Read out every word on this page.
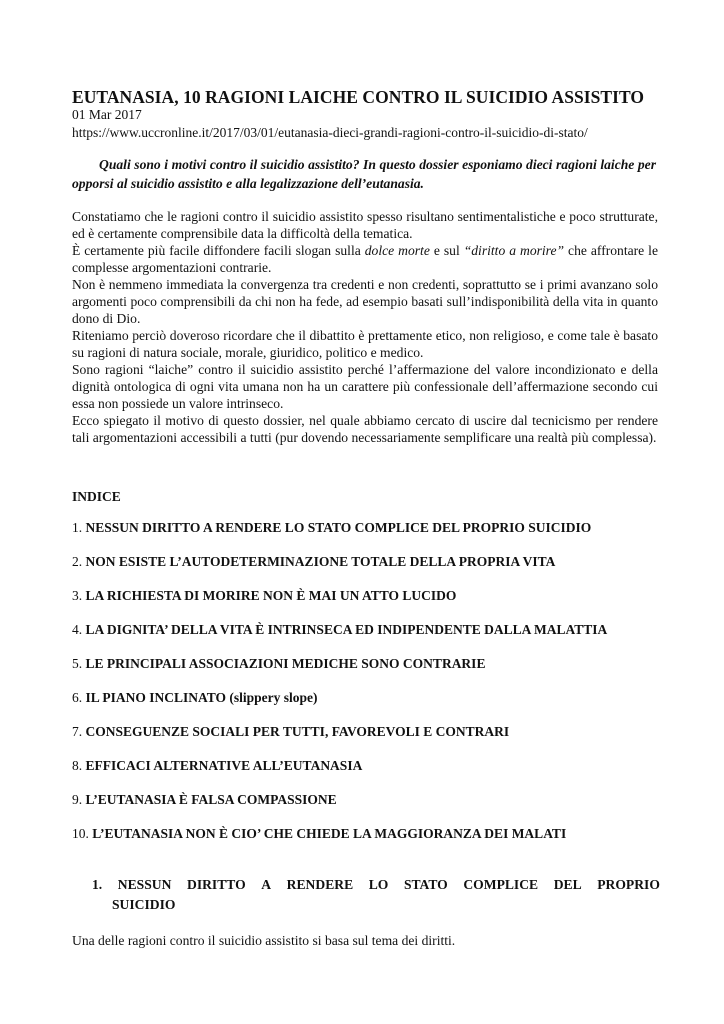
EUTANASIA, 10 RAGIONI LAICHE CONTRO IL SUICIDIO ASSISTITO
01 Mar 2017
https://www.uccronline.it/2017/03/01/eutanasia-dieci-grandi-ragioni-contro-il-suicidio-di-stato/
Quali sono i motivi contro il suicidio assistito? In questo dossier esponiamo dieci ragioni laiche per opporsi al suicidio assistito e alla legalizzazione dell’eutanasia.

Constatiamo che le ragioni contro il suicidio assistito spesso risultano sentimentalistiche e poco strutturate, ed è certamente comprensibile data la difficoltà della tematica.

È certamente più facile diffondere facili slogan sulla dolce morte e sul “diritto a morire” che affrontare le complesse argomentazioni contrarie.

Non è nemmeno immediata la convergenza tra credenti e non credenti, soprattutto se i primi avanzano solo argomenti poco comprensibili da chi non ha fede, ad esempio basati sull’indisponibilità della vita in quanto dono di Dio.

Riteniamo perciò doveroso ricordare che il dibattito è prettamente etico, non religioso, e come tale è basato su ragioni di natura sociale, morale, giuridico, politico e medico.

Sono ragioni “laiche” contro il suicidio assistito perché l’affermazione del valore incondizionato e della dignità ontologica di ogni vita umana non ha un carattere più confessionale dell’affermazione secondo cui essa non possiede un valore intrinseco.

Ecco spiegato il motivo di questo dossier, nel quale abbiamo cercato di uscire dal tecnicismo per rendere tali argomentazioni accessibili a tutti (pur dovendo necessariamente semplificare una realtà più complessa).

INDICE
1. NESSUN DIRITTO A RENDERE LO STATO COMPLICE DEL PROPRIO SUICIDIO
2. NON ESISTE L’AUTODETERMINAZIONE TOTALE DELLA PROPRIA VITA
3. LA RICHIESTA DI MORIRE NON È MAI UN ATTO LUCIDO
4. LA DIGNITA’ DELLA VITA È INTRINSECA ED INDIPENDENTE DALLA MALATTIA
5. LE PRINCIPALI ASSOCIAZIONI MEDICHE SONO CONTRARIE
6. IL PIANO INCLINATO (slippery slope)
7. CONSEGUENZE SOCIALI PER TUTTI, FAVOREVOLI E CONTRARI
8. EFFICACI ALTERNATIVE ALL’EUTANASIA
9. L’EUTANASIA È FALSA COMPASSIONE
10. L’EUTANASIA NON È CIO’ CHE CHIEDE LA MAGGIORANZA DEI MALATI
1. NESSUN DIRITTO A RENDERE LO STATO COMPLICE DEL PROPRIO
SUICIDIO
Una delle ragioni contro il suicidio assistito si basa sul tema dei diritti.
